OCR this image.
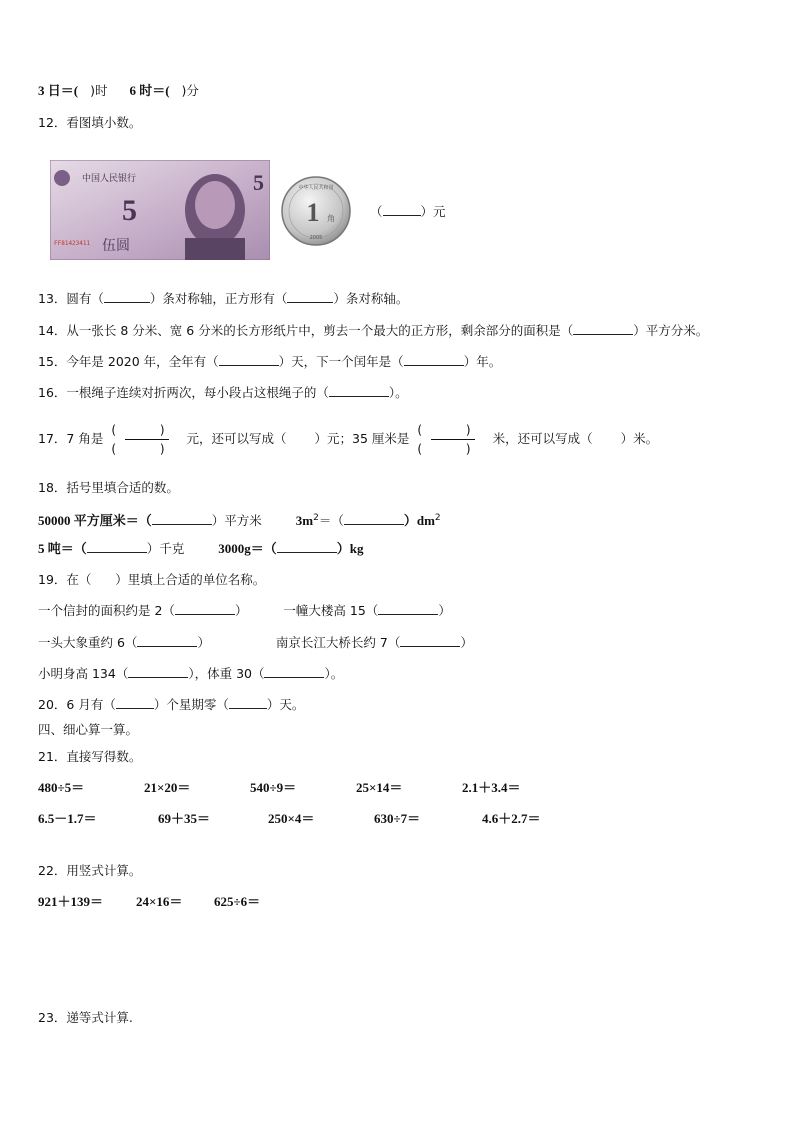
3 日＝( )时 6 时＝( )分
12．看图填小数。
中国人民银行
5
伍圆
FF81423411
5	中华人民共和国
1 角
2005
（	）元
13．圆有（	）条对称轴，正方形有（	）条对称轴。
14．从一张长 8 分米、宽 6 分米的长方形纸片中，剪去一个最大的正方形，剩余部分的面积是（	）平方分米。
15．今年是 2020 年，全年有（	）天，下一个闰年是（	）年。
16．一根绳子连续对折两次，每小段占这根绳子的（	）。
17．7 角是 $\frac{( )}{( )}$ 元，还可以写成（ ）元；35 厘米是 $\frac{( )}{( )}$ 米，还可以写成（ ）米。
18．括号里填合适的数。
50000 平方厘米＝（	）平方米	$3m^2=$（	）$dm^2$
5 吨＝（	）千克	3000g＝（	）kg
19．在（      ）里填上合适的单位名称。
一个信封的面积约是 2（	）	一幢大楼高 15（	）
一头大象重约 6（	）	南京长江大桥长约 7（	）
小明身高 134（	），体重 30（	）。
20．6 月有（	）个星期零（	）天。
四、细心算一算。
21．直接写得数。
480÷5＝	21×20＝	540÷9＝	25×14＝	2.1＋3.4＝
6.5－1.7＝	69＋35＝	250×4＝	630÷7＝	4.6＋2.7＝
22．用竖式计算。
921＋139＝	24×16＝ 625÷6＝
23．递等式计算.
